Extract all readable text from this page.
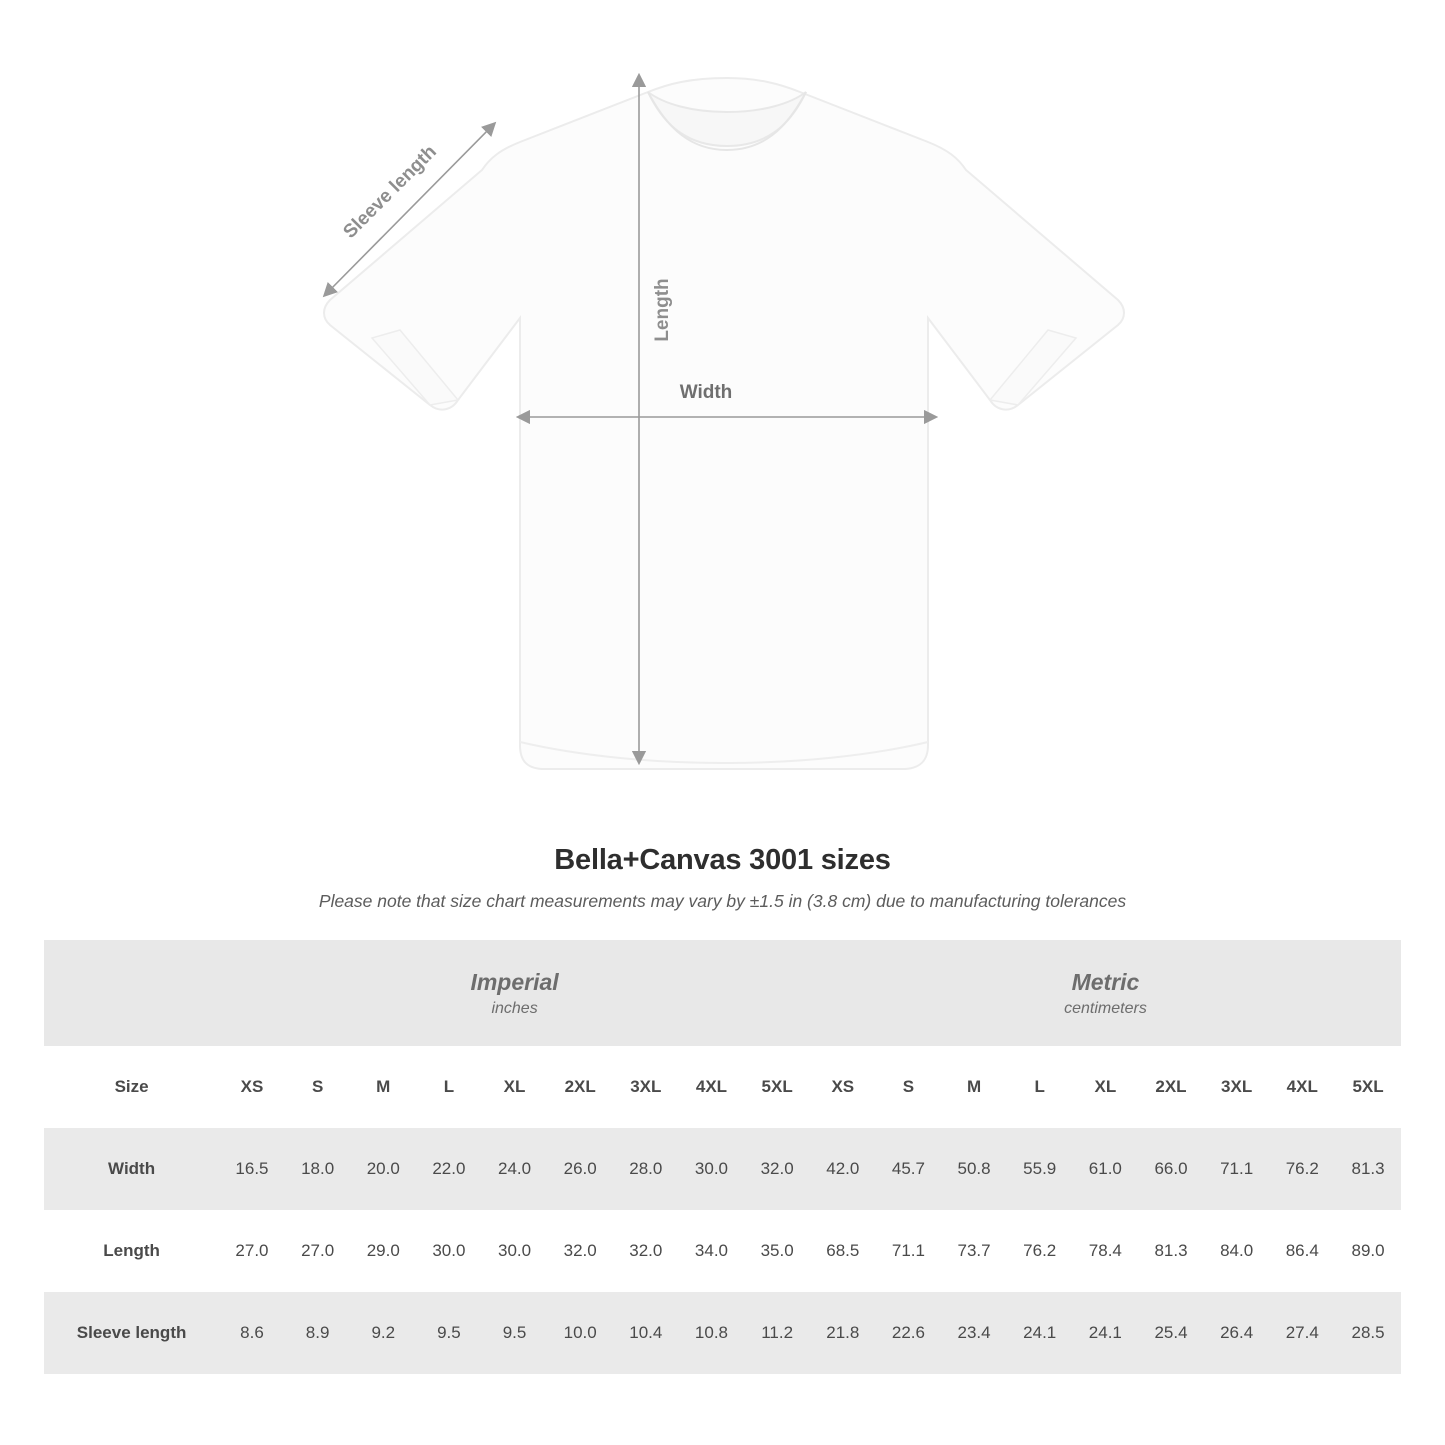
Length
Width
Sleeve length
Bella+Canvas 3001 sizes
Please note that size chart measurements may vary by ±1.5 in (3.8 cm) due to manufacturing tolerances

Imperial
inches

Metric
centimeters

Size	XS	S	M	L	XL	2XL	3XL	4XL	5XL	XS	S	M	L	XL	2XL	3XL	4XL	5XL
Width	16.5	18.0	20.0	22.0	24.0	26.0	28.0	30.0	32.0	42.0	45.7	50.8	55.9	61.0	66.0	71.1	76.2	81.3
Length	27.0	27.0	29.0	30.0	30.0	32.0	32.0	34.0	35.0	68.5	71.1	73.7	76.2	78.4	81.3	84.0	86.4	89.0
Sleeve length	8.6	8.9	9.2	9.5	9.5	10.0	10.4	10.8	11.2	21.8	22.6	23.4	24.1	24.1	25.4	26.4	27.4	28.5
